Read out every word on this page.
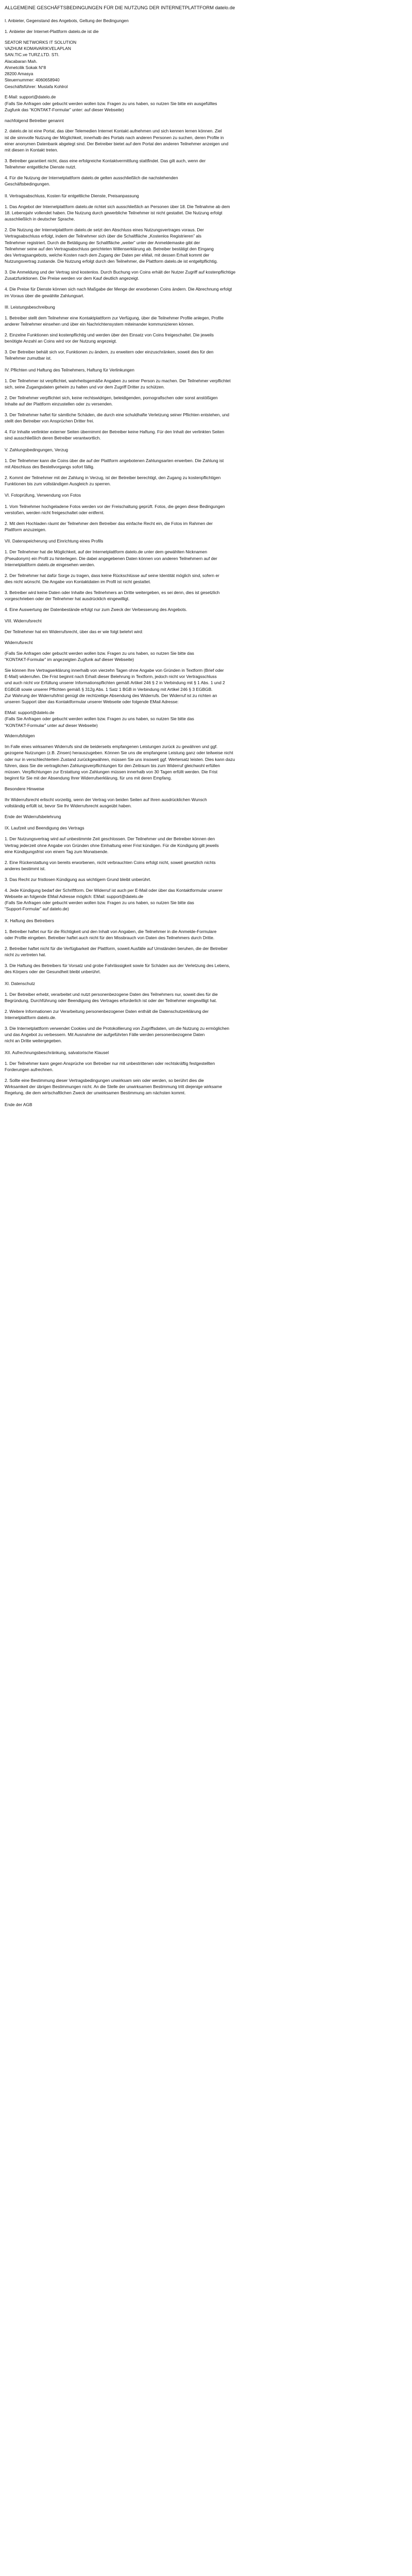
ALLGEMEINE GESCHÄFTSBEDINGUNGEN FÜR DIE NUTZUNG DER INTERNETPLATTFORM datelo.de
I. Anbieter, Gegenstand des Angebots, Geltung der Bedingungen

1. Anbieter der Internet-Plattform datelo.de ist die

SEATOR NETWORKS IT SOLUTION
VAZHUM KOMAVARIKVELAPLAN
SAN.TIC.ve TURZ.LTD. STI.
Alacabaran Mah.
Ahmetcilik Sokak N°8
28200 Amasya
Steuernummer: 4060658940
Geschäftsführer: Mustafa Kohlrol

E-Mail: support@datelo.de
(Falls Sie Anfragen oder gebucht werden wollen bzw. Fragen zu uns haben, so nutzen Sie bitte ein ausgefülltes
Zugfunk das “KONTAKT-Formular” unter: auf dieser Webseite)

nachfolgend Betreiber genannt

2. datelo.de ist eine Portal, das über Telemedien Internet Kontakt aufnehmen und sich kennen lernen können. Ziel
ist die sinnvolle Nutzung der Möglichkeit, innerhalb des Portals nach anderen Personen zu suchen, deren Profile in
einer anonymen Datenbank abgelegt sind. Der Betreiber bietet auf dem Portal den anderen Teilnehmer anzeigen und
mit diesen in Kontakt treten.

3. Betreiber garantiert nicht, dass eine erfolgreiche Kontaktvermittlung stattfindet. Das gilt auch, wenn der
Teilnehmer entgeltliche Dienste nutzt.

4. Für die Nutzung der Internetplattform datelo.de gelten ausschließlich die nachstehenden
Geschäftsbedingungen.

II. Vertragsabschluss, Kosten für entgeltliche Dienste, Preisanpassung

1. Das Angebot der Internetplattform datelo.de richtet sich ausschließlich an Personen über 18. Die Teilnahme ab dem
18. Lebensjahr vollendet haben. Die Nutzung durch gewerbliche Teilnehmer ist nicht gestattet. Die Nutzung erfolgt
ausschließlich in deutscher Sprache.

2. Die Nutzung der Internetplattform datelo.de setzt den Abschluss eines Nutzungsvertrages voraus. Der
Vertragsabschluss erfolgt, indem der Teilnehmer sich über die Schaltfläche „Kostenlos Registrieren” als
Teilnehmer registriert. Durch die Betätigung der Schaltfläche „weiter” unter der Anmeldemaske gibt der
Teilnehmer seine auf den Vertragsabschluss gerichteten Willenserklärung ab. Betreiber bestätigt den Eingang
des Vertragsangebots, welche Kosten nach dem Zugang der Daten per eMail, mit dessen Erhalt kommt der
Nutzungsvertrag zustande. Die Nutzung erfolgt durch den Teilnehmer, die Plattform datelo.de ist entgeltpflichtig.

3. Die Anmeldung und der Vertrag sind kostenlos. Durch Buchung von Coins erhält der Nutzer Zugriff auf kostenpflichtige
Zusatzfunktionen. Die Preise werden vor dem Kauf deutlich angezeigt.

4. Die Preise für Dienste können sich nach Maßgabe der Menge der erworbenen Coins ändern. Die Abrechnung erfolgt
im Voraus über die gewählte Zahlungsart.

III. Leistungsbeschreibung

1. Betreiber stellt dem Teilnehmer eine Kontaktplattform zur Verfügung, über die Teilnehmer Profile anlegen, Profile
anderer Teilnehmer einsehen und über ein Nachrichtensystem miteinander kommunizieren können.

2. Einzelne Funktionen sind kostenpflichtig und werden über den Einsatz von Coins freigeschaltet. Die jeweils
benötigte Anzahl an Coins wird vor der Nutzung angezeigt.

3. Der Betreiber behält sich vor, Funktionen zu ändern, zu erweitern oder einzuschränken, soweit dies für den
Teilnehmer zumutbar ist.

IV. Pflichten und Haftung des Teilnehmers, Haftung für Verlinkungen

1. Der Teilnehmer ist verpflichtet, wahrheitsgemäße Angaben zu seiner Person zu machen. Der Teilnehmer verpflichtet
sich, seine Zugangsdaten geheim zu halten und vor dem Zugriff Dritter zu schützen.

2. Der Teilnehmer verpflichtet sich, keine rechtswidrigen, beleidigenden, pornografischen oder sonst anstößigen
Inhalte auf der Plattform einzustellen oder zu versenden.

3. Der Teilnehmer haftet für sämtliche Schäden, die durch eine schuldhafte Verletzung seiner Pflichten entstehen, und
stellt den Betreiber von Ansprüchen Dritter frei.

4. Für Inhalte verlinkter externer Seiten übernimmt der Betreiber keine Haftung. Für den Inhalt der verlinkten Seiten
sind ausschließlich deren Betreiber verantwortlich.

V. Zahlungsbedingungen, Verzug

1. Der Teilnehmer kann die Coins über die auf der Plattform angebotenen Zahlungsarten erwerben. Die Zahlung ist
mit Abschluss des Bestellvorgangs sofort fällig.

2. Kommt der Teilnehmer mit der Zahlung in Verzug, ist der Betreiber berechtigt, den Zugang zu kostenpflichtigen
Funktionen bis zum vollständigen Ausgleich zu sperren.

VI. Fotoprüfung, Verwendung von Fotos

1. Vom Teilnehmer hochgeladene Fotos werden vor der Freischaltung geprüft. Fotos, die gegen diese Bedingungen
verstoßen, werden nicht freigeschaltet oder entfernt.

2. Mit dem Hochladen räumt der Teilnehmer dem Betreiber das einfache Recht ein, die Fotos im Rahmen der
Plattform anzuzeigen.

VII. Datenspeicherung und Einrichtung eines Profils

1. Der Teilnehmer hat die Möglichkeit, auf der Internetplattform datelo.de unter dem gewählten Nicknamen
(Pseudonym) ein Profil zu hinterlegen. Die dabei angegebenen Daten können von anderen Teilnehmern auf der
Internetplattform datelo.de eingesehen werden.

2. Der Teilnehmer hat dafür Sorge zu tragen, dass keine Rückschlüsse auf seine Identität möglich sind, sofern er
dies nicht wünscht. Die Angabe von Kontaktdaten im Profil ist nicht gestattet.

3. Betreiber wird keine Daten oder Inhalte des Teilnehmers an Dritte weitergeben, es sei denn, dies ist gesetzlich
vorgeschrieben oder der Teilnehmer hat ausdrücklich eingewilligt.

4. Eine Auswertung der Datenbestände erfolgt nur zum Zweck der Verbesserung des Angebots.

VIII. Widerrufsrecht

Der Teilnehmer hat ein Widerrufsrecht, über das er wie folgt belehrt wird:

Widerrufsrecht

(Falls Sie Anfragen oder gebucht werden wollen bzw. Fragen zu uns haben, so nutzen Sie bitte das
“KONTAKT-Formular” im angezeigten Zugfunk auf dieser Webseite)

Sie können Ihre Vertragserklärung innerhalb von vierzehn Tagen ohne Angabe von Gründen in Textform (Brief oder
E-Mail) widerrufen. Die Frist beginnt nach Erhalt dieser Belehrung in Textform, jedoch nicht vor Vertragsschluss
und auch nicht vor Erfüllung unserer Informationspflichten gemäß Artikel 246 § 2 in Verbindung mit § 1 Abs. 1 und 2
EGBGB sowie unserer Pflichten gemäß § 312g Abs. 1 Satz 1 BGB in Verbindung mit Artikel 246 § 3 EGBGB.
Zur Wahrung der Widerrufsfrist genügt die rechtzeitige Absendung des Widerrufs. Der Widerruf ist zu richten an
unseren Support über das Kontaktformular unserer Webseite oder folgende EMail Adresse:

EMail: support@datelo.de
(Falls Sie Anfragen oder gebucht werden wollen bzw. Fragen zu uns haben, so nutzen Sie bitte das
“KONTAKT-Formular” unter auf dieser Webseite)

Widerrufsfolgen

Im Falle eines wirksamen Widerrufs sind die beiderseits empfangenen Leistungen zurück zu gewähren und ggf.
gezogene Nutzungen (z.B. Zinsen) herauszugeben. Können Sie uns die empfangene Leistung ganz oder teilweise nicht
oder nur in verschlechtertem Zustand zurückgewähren, müssen Sie uns insoweit ggf. Wertersatz leisten. Dies kann dazu
führen, dass Sie die vertraglichen Zahlungsverpflichtungen für den Zeitraum bis zum Widerruf gleichwohl erfüllen
müssen. Verpflichtungen zur Erstattung von Zahlungen müssen innerhalb von 30 Tagen erfüllt werden. Die Frist
beginnt für Sie mit der Absendung Ihrer Widerrufserklärung, für uns mit deren Empfang.

Besondere Hinweise

Ihr Widerrufsrecht erlischt vorzeitig, wenn der Vertrag von beiden Seiten auf Ihren ausdrücklichen Wunsch
vollständig erfüllt ist, bevor Sie Ihr Widerrufsrecht ausgeübt haben.

Ende der Widerrufsbelehrung

IX. Laufzeit und Beendigung des Vertrags

1. Der Nutzungsvertrag wird auf unbestimmte Zeit geschlossen. Der Teilnehmer und der Betreiber können den
Vertrag jederzeit ohne Angabe von Gründen ohne Einhaltung einer Frist kündigen. Für die Kündigung gilt jeweils
eine Kündigungsfrist von einem Tag zum Monatsende.

2. Eine Rückerstattung von bereits erworbenen, nicht verbrauchten Coins erfolgt nicht, soweit gesetzlich nichts
anderes bestimmt ist.

3. Das Recht zur fristlosen Kündigung aus wichtigem Grund bleibt unberührt.

4. Jede Kündigung bedarf der Schriftform. Der Widerruf ist auch per E-Mail oder über das Kontaktformular unserer
Webseite an folgende EMail Adresse möglich: EMail: support@datelo.de
(Falls Sie Anfragen oder gebucht werden wollen bzw. Fragen zu uns haben, so nutzen Sie bitte das
“Support-Formular” auf datelo.de)

X. Haftung des Betreibers

1. Betreiber haftet nur für die Richtigkeit und den Inhalt von Angaben, die Teilnehmer in die Anmelde-Formulare
oder Profile eingeben. Betreiber haftet auch nicht für den Missbrauch von Daten des Teilnehmers durch Dritte.

2. Betreiber haftet nicht für die Verfügbarkeit der Plattform, soweit Ausfälle auf Umständen beruhen, die der Betreiber
nicht zu vertreten hat.

3. Die Haftung des Betreibers für Vorsatz und grobe Fahrlässigkeit sowie für Schäden aus der Verletzung des Lebens,
des Körpers oder der Gesundheit bleibt unberührt.

XI. Datenschutz

1. Der Betreiber erhebt, verarbeitet und nutzt personenbezogene Daten des Teilnehmers nur, soweit dies für die
Begründung, Durchführung oder Beendigung des Vertrages erforderlich ist oder der Teilnehmer eingewilligt hat.

2. Weitere Informationen zur Verarbeitung personenbezogener Daten enthält die Datenschutzerklärung der
Internetplattform datelo.de.

3. Die Internetplattform verwendet Cookies und die Protokollierung von Zugriffsdaten, um die Nutzung zu ermöglichen
und das Angebot zu verbessern. Mit Ausnahme der aufgeführten Fälle werden personenbezogene Daten
nicht an Dritte weitergegeben.

XII. Aufrechnungsbeschränkung, salvatorische Klausel

1. Der Teilnehmer kann gegen Ansprüche von Betreiber nur mit unbestrittenen oder rechtskräftig festgestellten
Forderungen aufrechnen.

2. Sollte eine Bestimmung dieser Vertragsbedingungen unwirksam sein oder werden, so berührt dies die
Wirksamkeit der übrigen Bestimmungen nicht. An die Stelle der unwirksamen Bestimmung tritt diejenige wirksame
Regelung, die dem wirtschaftlichen Zweck der unwirksamen Bestimmung am nächsten kommt.

Ende der AGB
